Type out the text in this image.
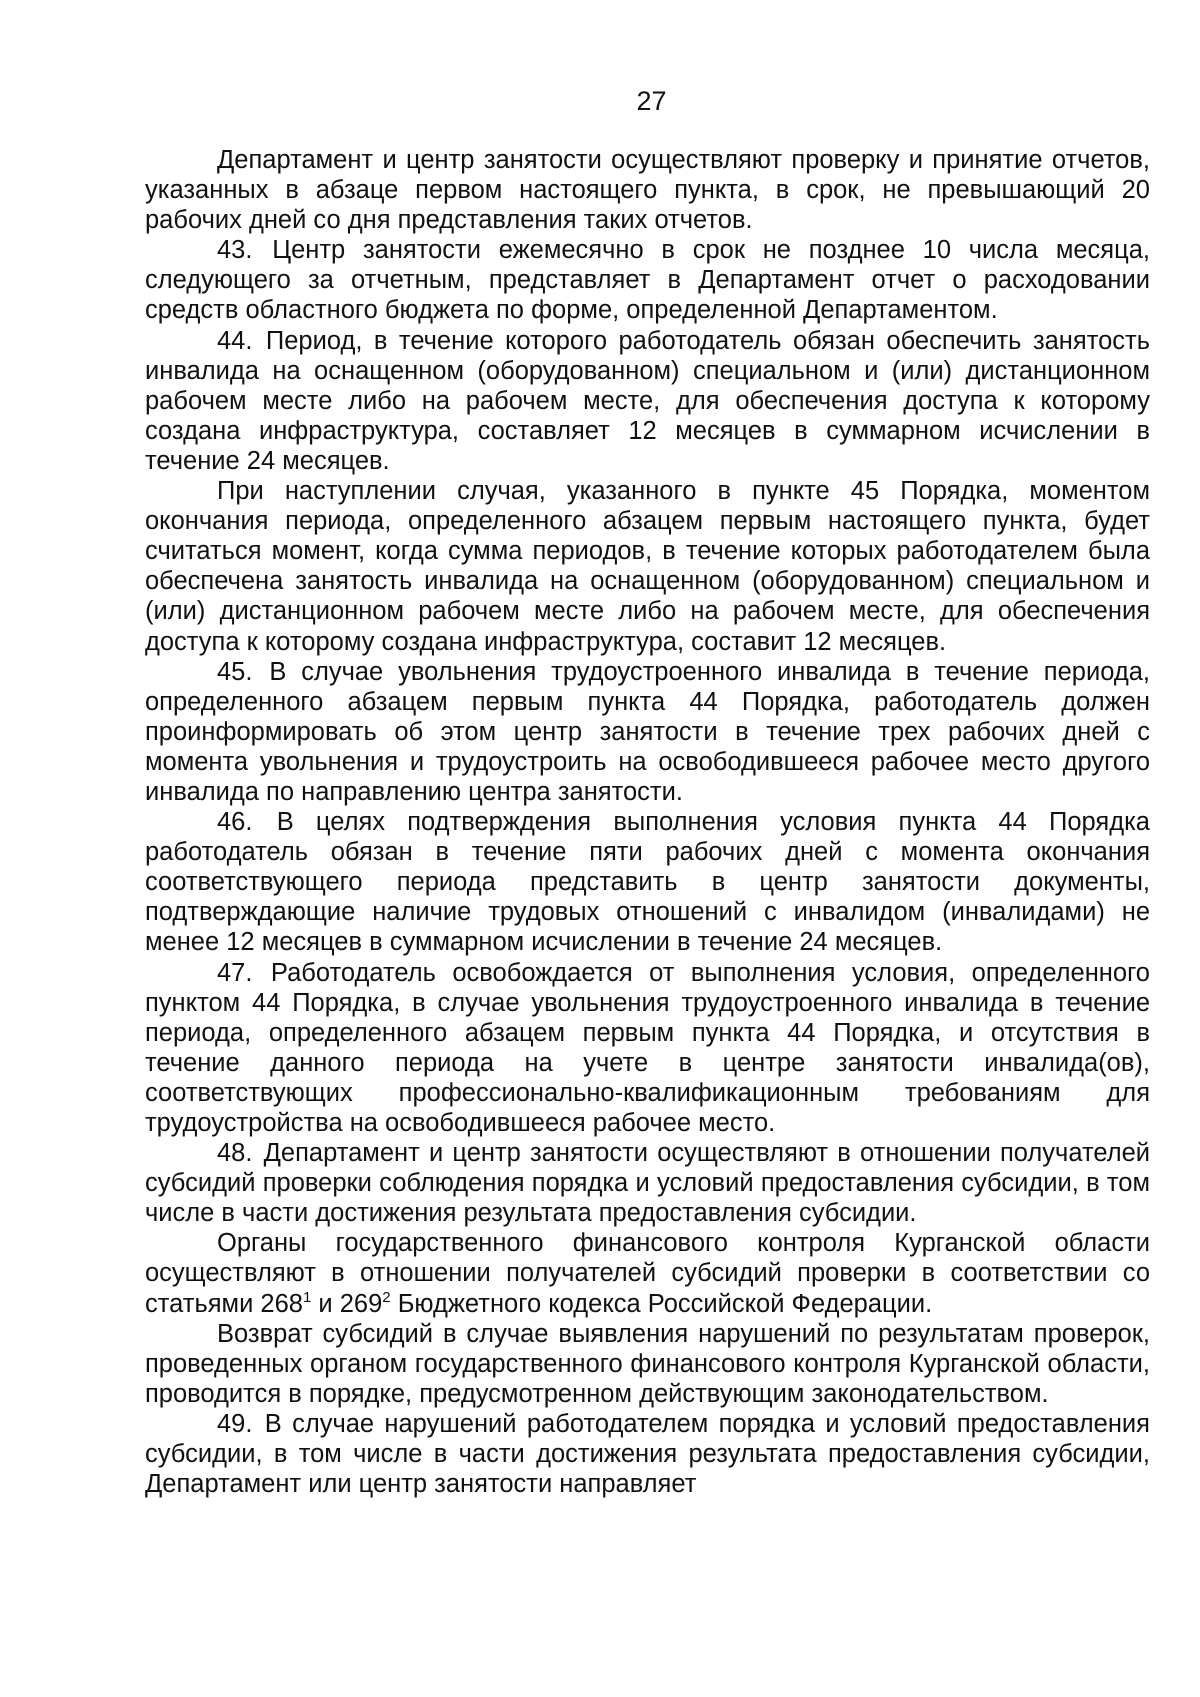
27

Департамент и центр занятости осуществляют проверку и принятие отчетов, указанных в абзаце первом настоящего пункта, в срок, не превышающий 20 рабочих дней со дня представления таких отчетов.

43. Центр занятости ежемесячно в срок не позднее 10 числа месяца, следующего за отчетным, представляет в Департамент отчет о расходовании средств областного бюджета по форме, определенной Департаментом.

44. Период, в течение которого работодатель обязан обеспечить занятость инвалида на оснащенном (оборудованном) специальном и (или) дистанционном рабочем месте либо на рабочем месте, для обеспечения доступа к которому создана инфраструктура, составляет 12 месяцев в суммарном исчислении в течение 24 месяцев.

При наступлении случая, указанного в пункте 45 Порядка, моментом окончания периода, определенного абзацем первым настоящего пункта, будет считаться момент, когда сумма периодов, в течение которых работодателем была обеспечена занятость инвалида на оснащенном (оборудованном) специальном и (или) дистанционном рабочем месте либо на рабочем месте, для обеспечения доступа к которому создана инфраструктура, составит 12 месяцев.

45. В случае увольнения трудоустроенного инвалида в течение периода, определенного абзацем первым пункта 44 Порядка, работодатель должен проинформировать об этом центр занятости в течение трех рабочих дней с момента увольнения и трудоустроить на освободившееся рабочее место другого инвалида по направлению центра занятости.

46. В целях подтверждения выполнения условия пункта 44 Порядка работодатель обязан в течение пяти рабочих дней с момента окончания соответствующего периода представить в центр занятости документы, подтверждающие наличие трудовых отношений с инвалидом (инвалидами) не менее 12 месяцев в суммарном исчислении в течение 24 месяцев.

47. Работодатель освобождается от выполнения условия, определенного пунктом 44 Порядка, в случае увольнения трудоустроенного инвалида в течение периода, определенного абзацем первым пункта 44 Порядка, и отсутствия в течение данного периода на учете в центре занятости инвалида(ов), соответствующих профессионально-квалификационным требованиям для трудоустройства на освободившееся рабочее место.

48. Департамент и центр занятости осуществляют в отношении получателей субсидий проверки соблюдения порядка и условий предоставления субсидии, в том числе в части достижения результата предоставления субсидии.

Органы государственного финансового контроля Курганской области осуществляют в отношении получателей субсидий проверки в соответствии со статьями $268^1$ и $269^2$ Бюджетного кодекса Российской Федерации.

Возврат субсидий в случае выявления нарушений по результатам проверок, проведенных органом государственного финансового контроля Курганской области, проводится в порядке, предусмотренном действующим законодательством.

49. В случае нарушений работодателем порядка и условий предоставления субсидии, в том числе в части достижения результата предоставления субсидии, Департамент или центр занятости направляет
